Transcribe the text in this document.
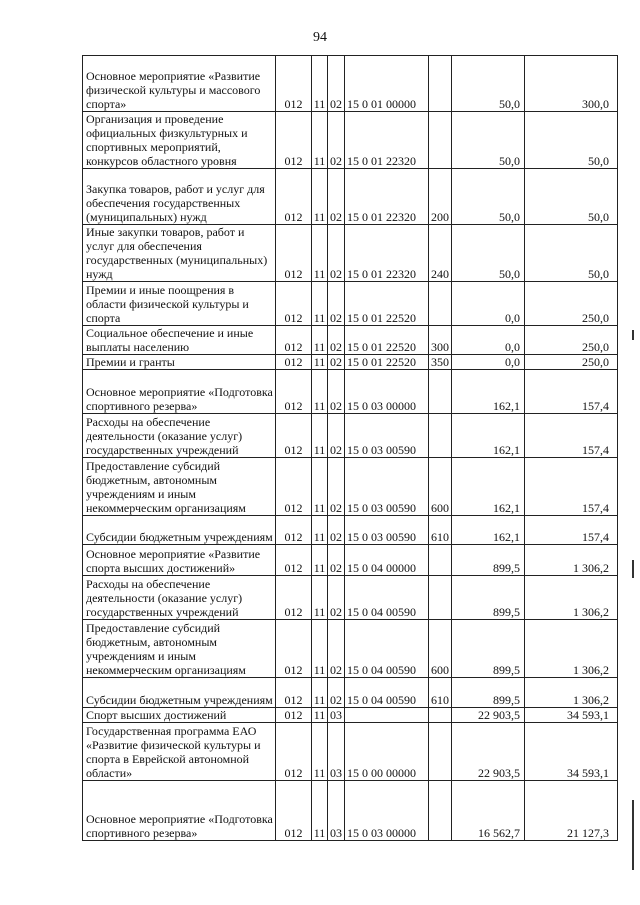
94
Основное мероприятие «Развитие физической культуры и массового спорта»	012	11	02	15 0 01 00000		50,0	300,0
Организация и проведение официальных физкультурных и спортивных мероприятий, конкурсов областного уровня	012	11	02	15 0 01 22320		50,0	50,0
Закупка товаров, работ и услуг для обеспечения государственных (муниципальных) нужд	012	11	02	15 0 01 22320	200	50,0	50,0
Иные закупки товаров, работ и услуг для обеспечения государственных (муниципальных) нужд	012	11	02	15 0 01 22320	240	50,0	50,0
Премии и иные поощрения в области физической культуры и спорта	012	11	02	15 0 01 22520		0,0	250,0
Социальное обеспечение и иные выплаты населению	012	11	02	15 0 01 22520	300	0,0	250,0
Премии и гранты	012	11	02	15 0 01 22520	350	0,0	250,0
Основное мероприятие «Подготовка спортивного резерва»	012	11	02	15 0 03 00000		162,1	157,4
Расходы на обеспечение деятельности (оказание услуг) государственных учреждений	012	11	02	15 0 03 00590		162,1	157,4
Предоставление субсидий бюджетным, автономным учреждениям и иным некоммерческим организациям	012	11	02	15 0 03 00590	600	162,1	157,4
Субсидии бюджетным учреждениям	012	11	02	15 0 03 00590	610	162,1	157,4
Основное мероприятие «Развитие спорта высших достижений»	012	11	02	15 0 04 00000		899,5	1 306,2
Расходы на обеспечение деятельности (оказание услуг) государственных учреждений	012	11	02	15 0 04 00590		899,5	1 306,2
Предоставление субсидий бюджетным, автономным учреждениям и иным некоммерческим организациям	012	11	02	15 0 04 00590	600	899,5	1 306,2
Субсидии бюджетным учреждениям	012	11	02	15 0 04 00590	610	899,5	1 306,2
Спорт высших достижений	012	11	03			22 903,5	34 593,1
Государственная программа ЕАО «Развитие физической культуры и спорта в Еврейской автономной области»	012	11	03	15 0 00 00000		22 903,5	34 593,1
Основное мероприятие «Подготовка спортивного резерва»	012	11	03	15 0 03 00000		16 562,7	21 127,3
